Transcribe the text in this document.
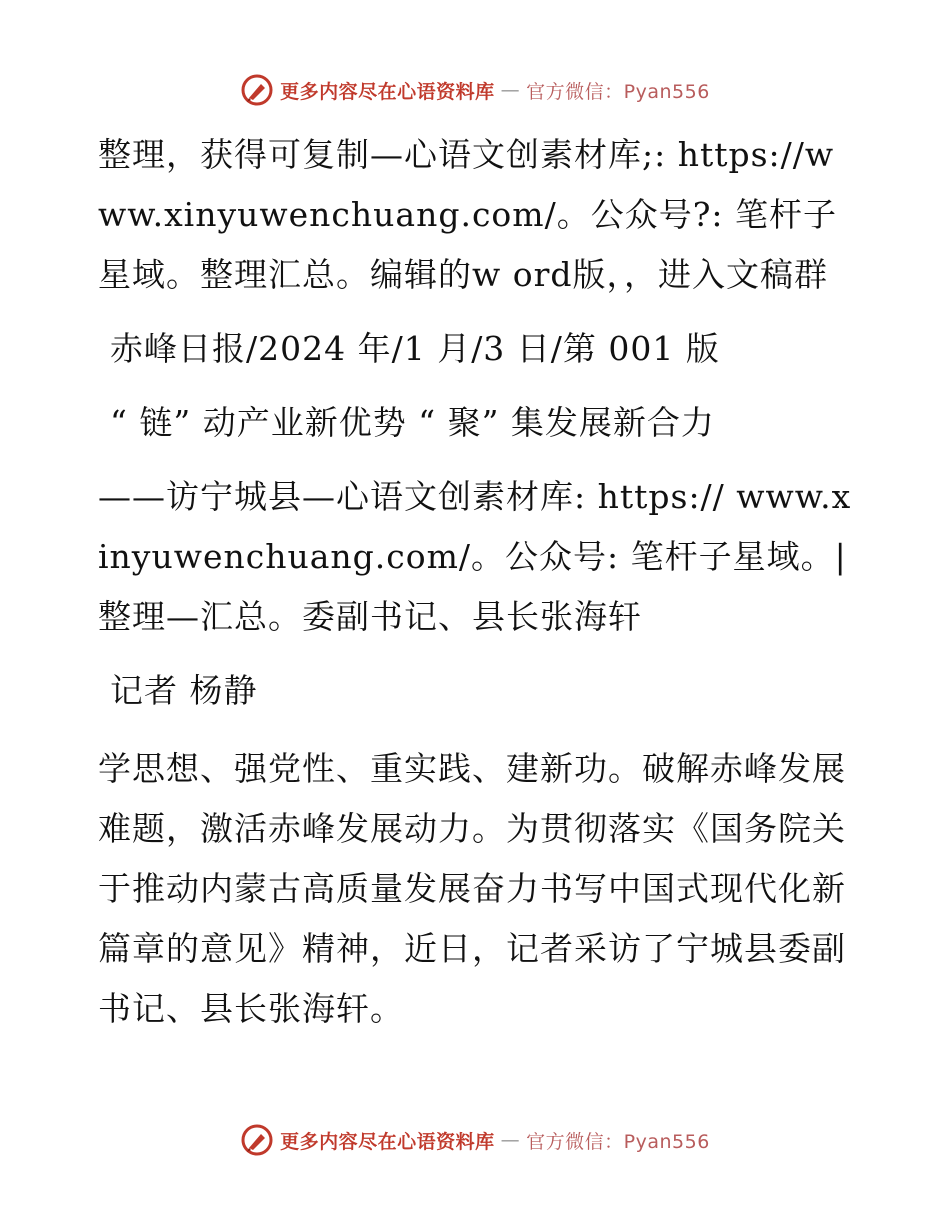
更多内容尽在心语资料库 — 官方微信：Pyan556

整理，获得可复制—心语文创素材库;: https://www.xinyuwenchuang.com/。公众号?: 笔杆子星域。整理汇总。编辑的w ord版，，进入文稿群

赤峰日报/2024 年/1 月/3 日/第 001 版

“ 链” 动产业新优势 “ 聚” 集发展新合力

——访宁城县—心语文创素材库: https:// www.xinyuwenchuang.com/。公众号: 笔杆子星域。|整理—汇总。委副书记、县长张海轩

记者 杨静

学思想、强党性、重实践、建新功。破解赤峰发展难题，激活赤峰发展动力。为贯彻落实《国务院关于推动内蒙古高质量发展奋力书写中国式现代化新篇章的意见》精神，近日，记者采访了宁城县委副书记、县长张海轩。

更多内容尽在心语资料库 — 官方微信：Pyan556
